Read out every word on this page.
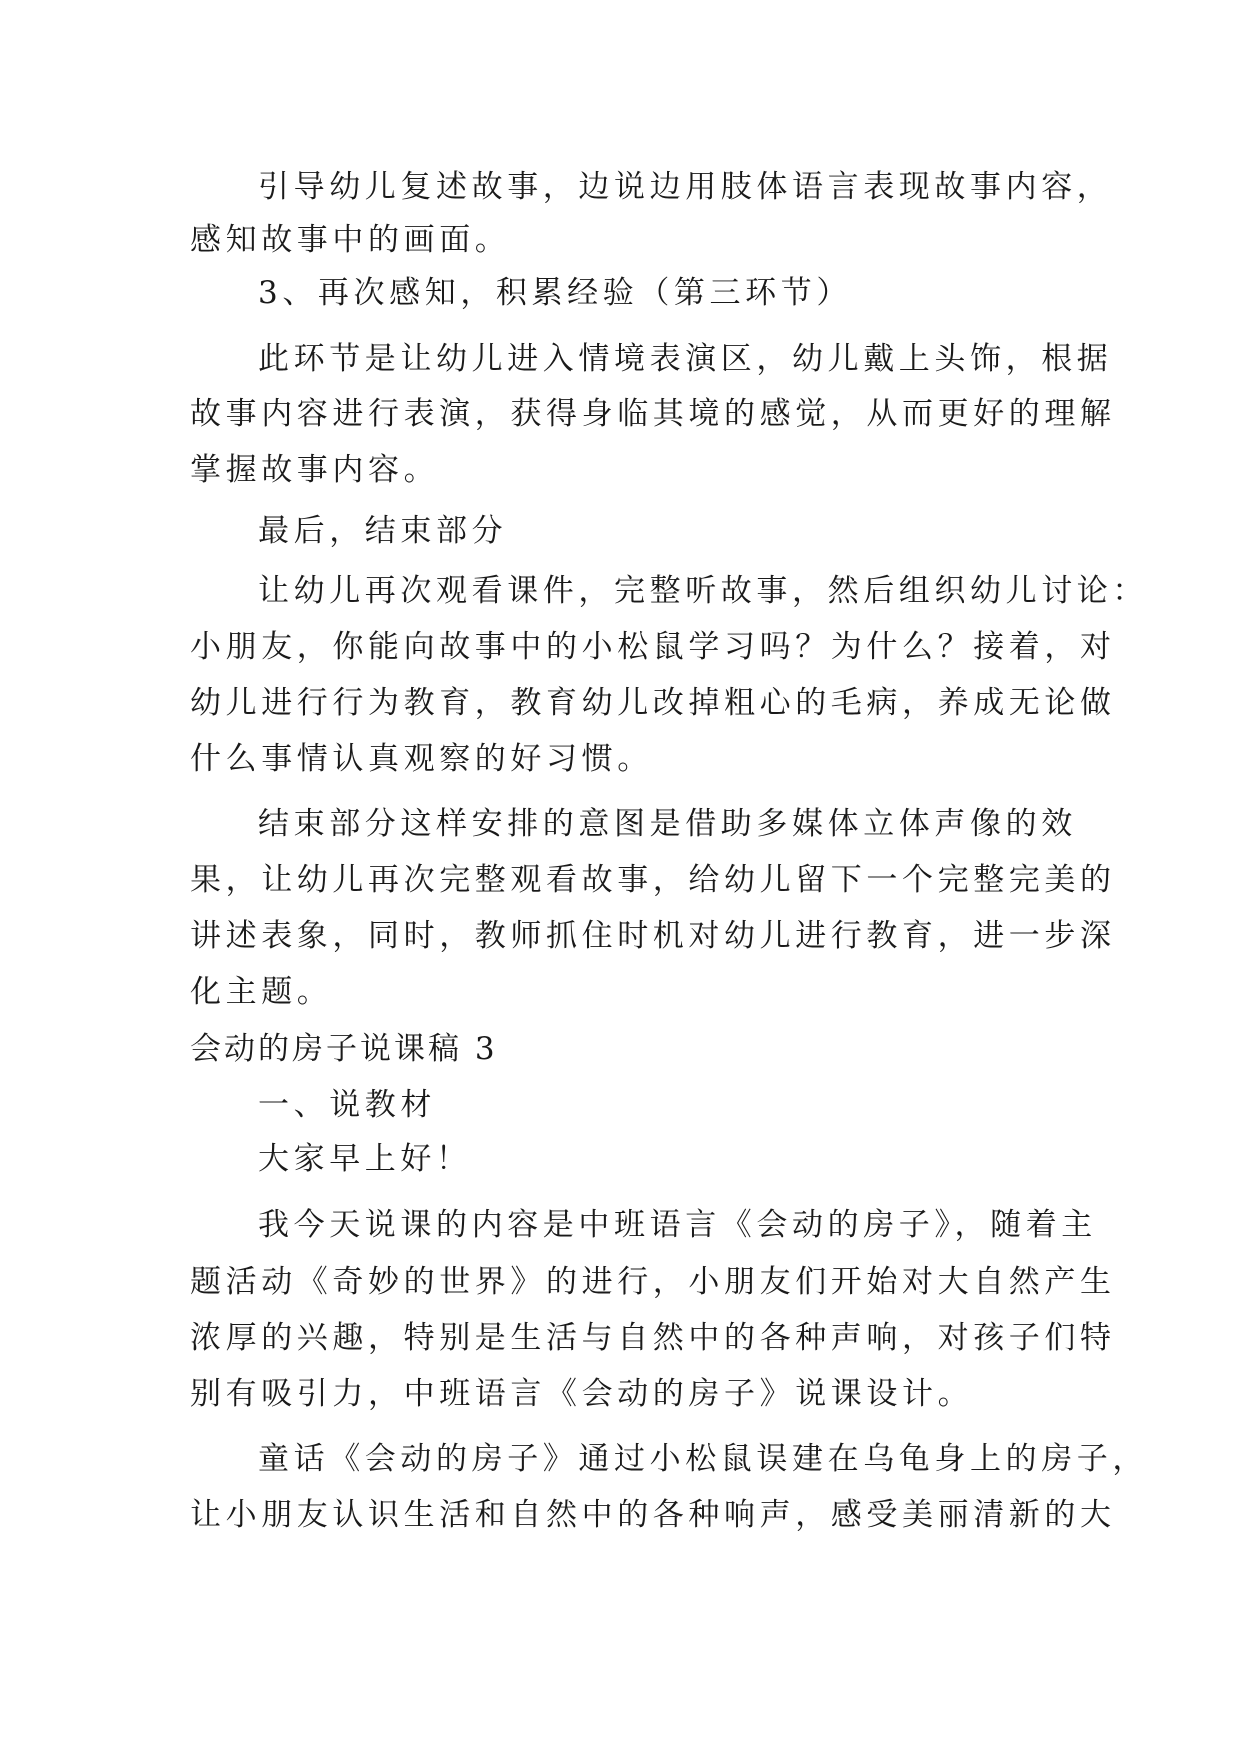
引导幼儿复述故事，边说边用肢体语言表现故事内容，
感知故事中的画面。
3、再次感知，积累经验（第三环节）
此环节是让幼儿进入情境表演区，幼儿戴上头饰，根据
故事内容进行表演，获得身临其境的感觉，从而更好的理解
掌握故事内容。
最后，结束部分
让幼儿再次观看课件，完整听故事，然后组织幼儿讨论：
小朋友，你能向故事中的小松鼠学习吗？为什么？接着，对
幼儿进行行为教育，教育幼儿改掉粗心的毛病，养成无论做
什么事情认真观察的好习惯。
结束部分这样安排的意图是借助多媒体立体声像的效
果，让幼儿再次完整观看故事，给幼儿留下一个完整完美的
讲述表象，同时，教师抓住时机对幼儿进行教育，进一步深
化主题。
会动的房子说课稿 3
一、说教材
大家早上好！
我今天说课的内容是中班语言《会动的房子》，随着主
题活动《奇妙的世界》的进行，小朋友们开始对大自然产生
浓厚的兴趣，特别是生活与自然中的各种声响，对孩子们特
别有吸引力，中班语言《会动的房子》说课设计。
童话《会动的房子》通过小松鼠误建在乌龟身上的房子，
让小朋友认识生活和自然中的各种响声，感受美丽清新的大
